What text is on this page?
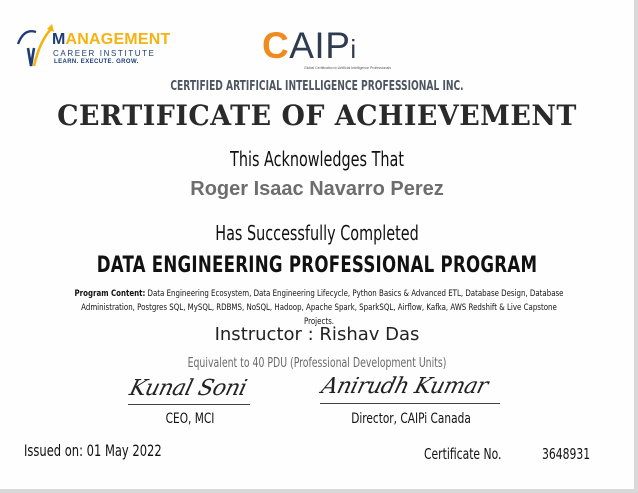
MANAGEMENT
CAREER INSTITUTE
LEARN. EXECUTE. GROW.	CAIPi
Global Certification in Artificial Intelligence Professionals
CERTIFIED ARTIFICIAL INTELLIGENCE PROFESSIONAL INC.
CERTIFICATE OF ACHIEVEMENT
This Acknowledges That
Roger Isaac Navarro Perez
Has Successfully Completed
DATA ENGINEERING PROFESSIONAL PROGRAM
Program Content: Data Engineering Ecosystem, Data Engineering Lifecycle, Python Basics & Advanced ETL, Database Design, Database Administration, Postgres SQL, MySQL, RDBMS, NoSQL, Hadoop, Apache Spark, SparkSQL, Airflow, Kafka, AWS Redshift & Live Capstone Projects.
Instructor : Rishav Das
Equivalent to 40 PDU (Professional Development Units)
Kunal Soni
CEO, MCI
Anirudh Kumar
Director, CAIPi Canada
Issued on: 01 May 2022	Certificate No.	3648931
